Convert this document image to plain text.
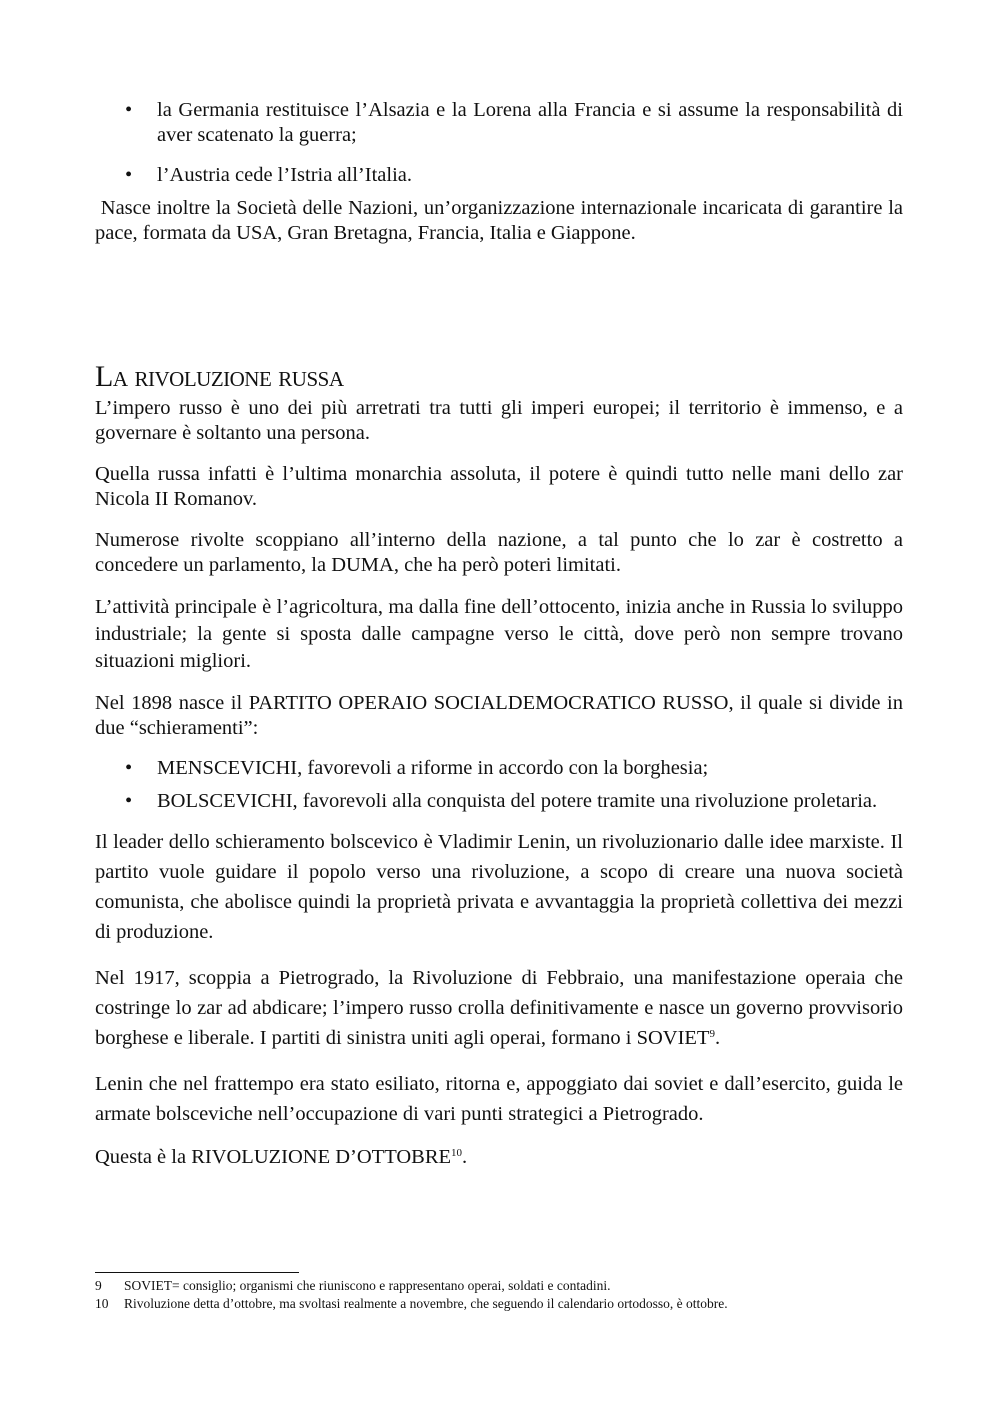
• la Germania restituisce l’Alsazia e la Lorena alla Francia e si assume la responsabilità di aver scatenato la guerra;
• l’Austria cede l’Istria all’Italia.

Nasce inoltre la Società delle Nazioni, un’organizzazione internazionale incaricata di garantire la pace, formata da USA, Gran Bretagna, Francia, Italia e Giappone.

La rivoluzione russa

L’impero russo è uno dei più arretrati tra tutti gli imperi europei; il territorio è immenso, e a governare è soltanto una persona.

Quella russa infatti è l’ultima monarchia assoluta, il potere è quindi tutto nelle mani dello zar Nicola II Romanov.

Numerose rivolte scoppiano all’interno della nazione, a tal punto che lo zar è costretto a concedere un parlamento, la DUMA, che ha però poteri limitati.

L’attività principale è l’agricoltura, ma dalla fine dell’ottocento, inizia anche in Russia lo sviluppo industriale; la gente si sposta dalle campagne verso le città, dove però non sempre trovano situazioni migliori.

Nel 1898 nasce il PARTITO OPERAIO SOCIALDEMOCRATICO RUSSO, il quale si divide in due “schieramenti”:

• MENSCEVICHI, favorevoli a riforme in accordo con la borghesia;
• BOLSCEVICHI, favorevoli alla conquista del potere tramite una rivoluzione proletaria.

Il leader dello schieramento bolscevico è Vladimir Lenin, un rivoluzionario dalle idee marxiste. Il partito vuole guidare il popolo verso una rivoluzione, a scopo di creare una nuova società comunista, che abolisce quindi la proprietà privata e avvantaggia la proprietà collettiva dei mezzi di produzione.

Nel 1917, scoppia a Pietrogrado, la Rivoluzione di Febbraio, una manifestazione operaia che costringe lo zar ad abdicare; l’impero russo crolla definitivamente e nasce un governo provvisorio borghese e liberale. I partiti di sinistra uniti agli operai, formano i SOVIET$^9$.

Lenin che nel frattempo era stato esiliato, ritorna e, appoggiato dai soviet e dall’esercito, guida le armate bolsceviche nell’occupazione di vari punti strategici a Pietrogrado.

Questa è la RIVOLUZIONE D’OTTOBRE$^{10}$.

9	SOVIET= consiglio; organismi che riuniscono e rappresentano operai, soldati e contadini.
10	Rivoluzione detta d’ottobre, ma svoltasi realmente a novembre, che seguendo il calendario ortodosso, è ottobre.
